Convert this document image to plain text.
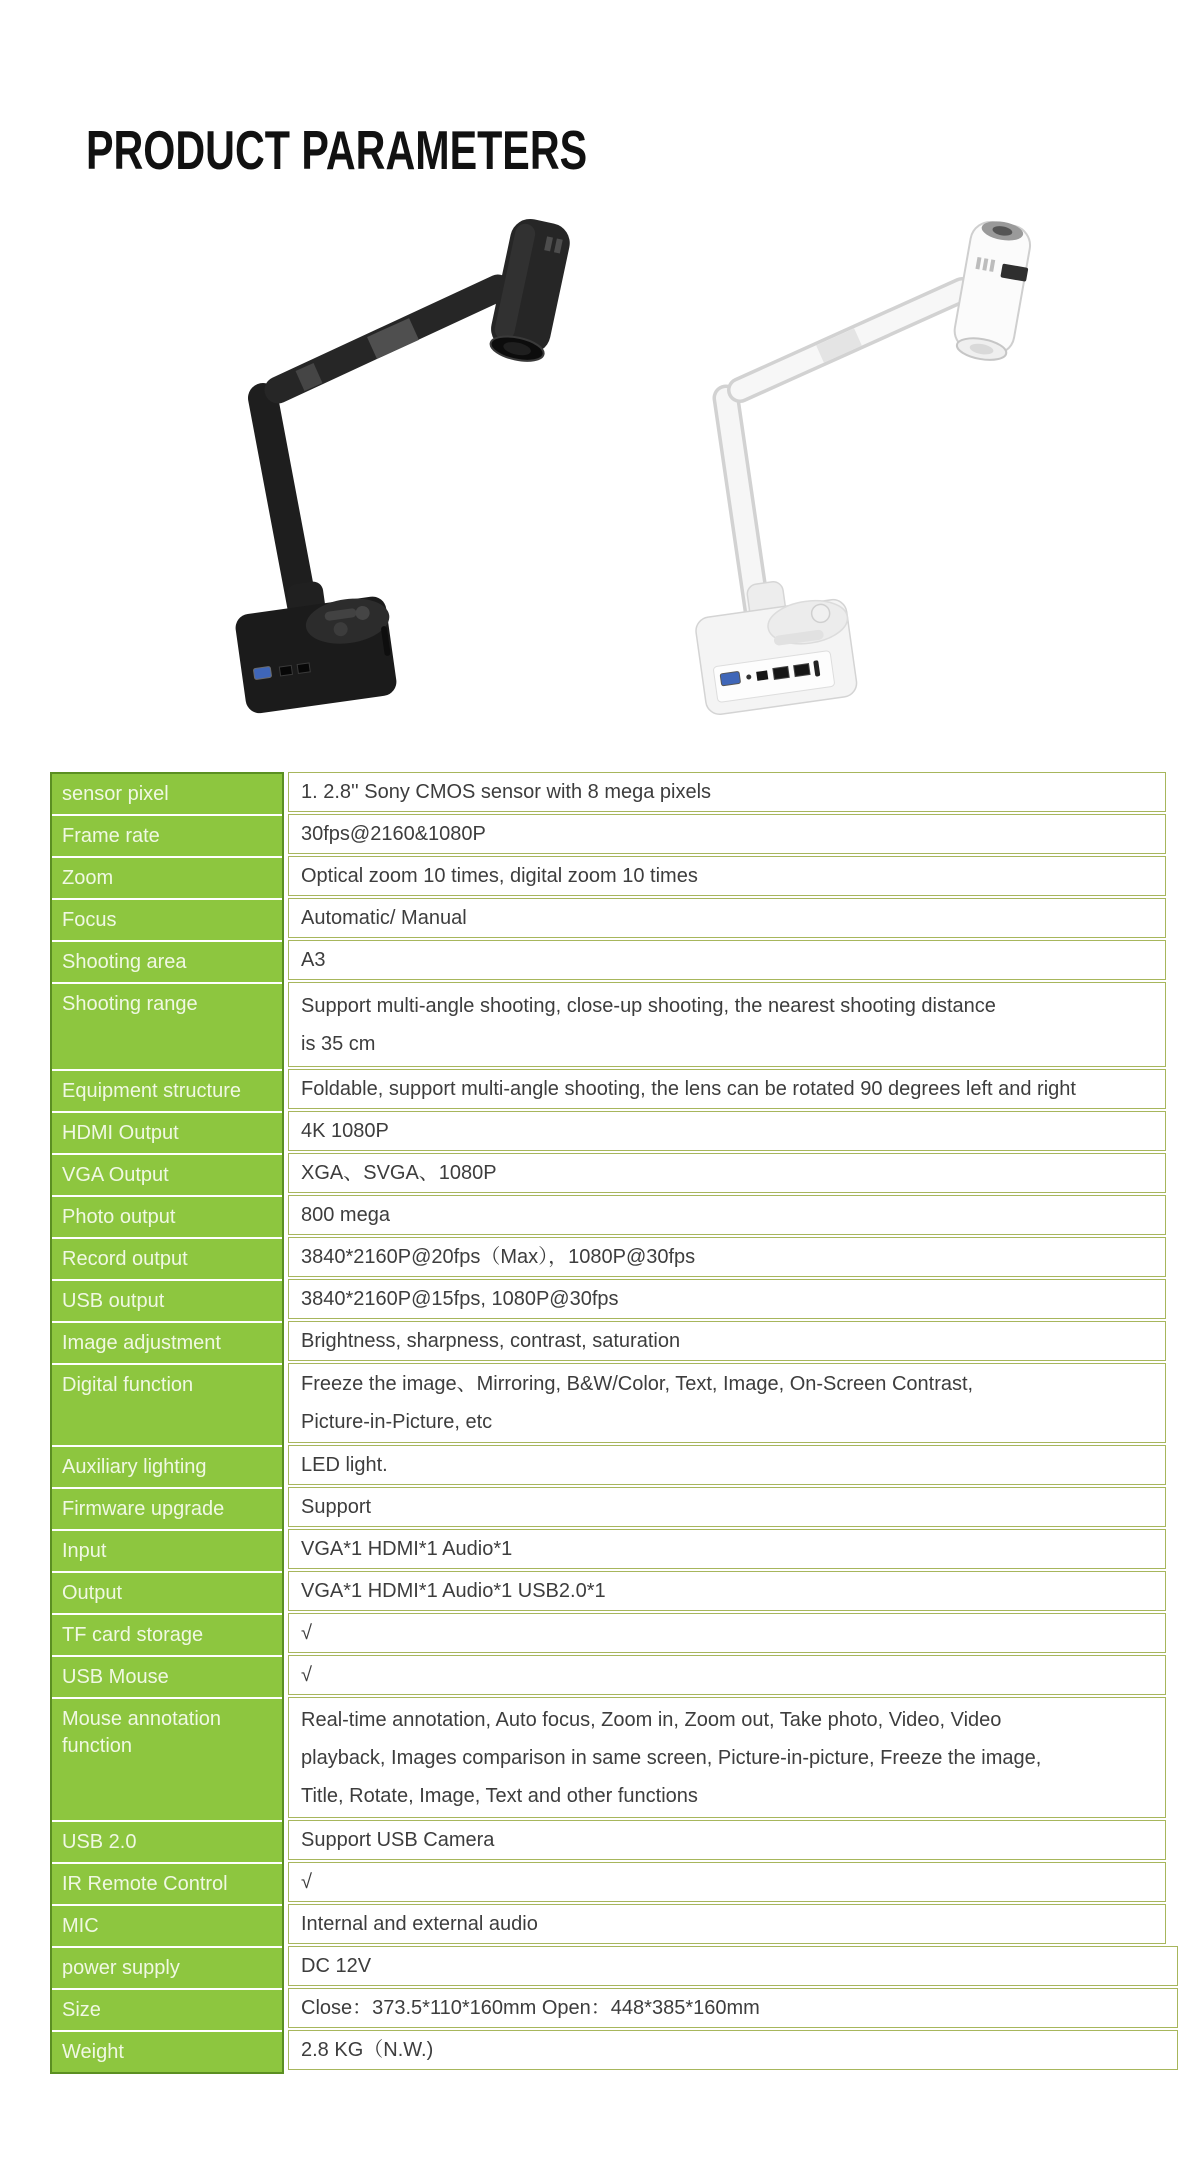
PRODUCT PARAMETERS
sensor pixel
Frame rate
Zoom
Focus
Shooting area
Shooting range
Equipment structure
HDMI Output
VGA Output
Photo output
Record output
USB output
Image adjustment
Digital function
Auxiliary lighting
Firmware upgrade
Input
Output
TF card storage
USB Mouse
Mouse annotation function
USB 2.0
IR Remote Control
MIC
power supply
Size
Weight
1. 2.8'' Sony CMOS sensor with 8 mega pixels
30fps@2160&1080P
Optical zoom 10 times, digital zoom 10 times
Automatic/ Manual
A3
Support multi-angle shooting, close-up shooting, the nearest shooting distance
is 35 cm
Foldable, support multi-angle shooting, the lens can be rotated 90 degrees left and right
4K 1080P
XGA、SVGA、1080P
800 mega
3840*2160P@20fps（Max），1080P@30fps
3840*2160P@15fps, 1080P@30fps
Brightness, sharpness, contrast, saturation
Freeze the image、Mirroring, B&W/Color, Text, Image, On-Screen Contrast,
Picture-in-Picture, etc
LED light.
Support
VGA*1 HDMI*1 Audio*1
VGA*1 HDMI*1 Audio*1 USB2.0*1
√
√
Real-time annotation, Auto focus, Zoom in, Zoom out, Take photo, Video, Video
playback, Images comparison in same screen, Picture-in-picture, Freeze the image,
Title, Rotate, Image, Text and other functions
Support USB Camera
√
Internal and external audio
DC 12V
Close：373.5*110*160mm Open：448*385*160mm
2.8 KG（N.W.)
